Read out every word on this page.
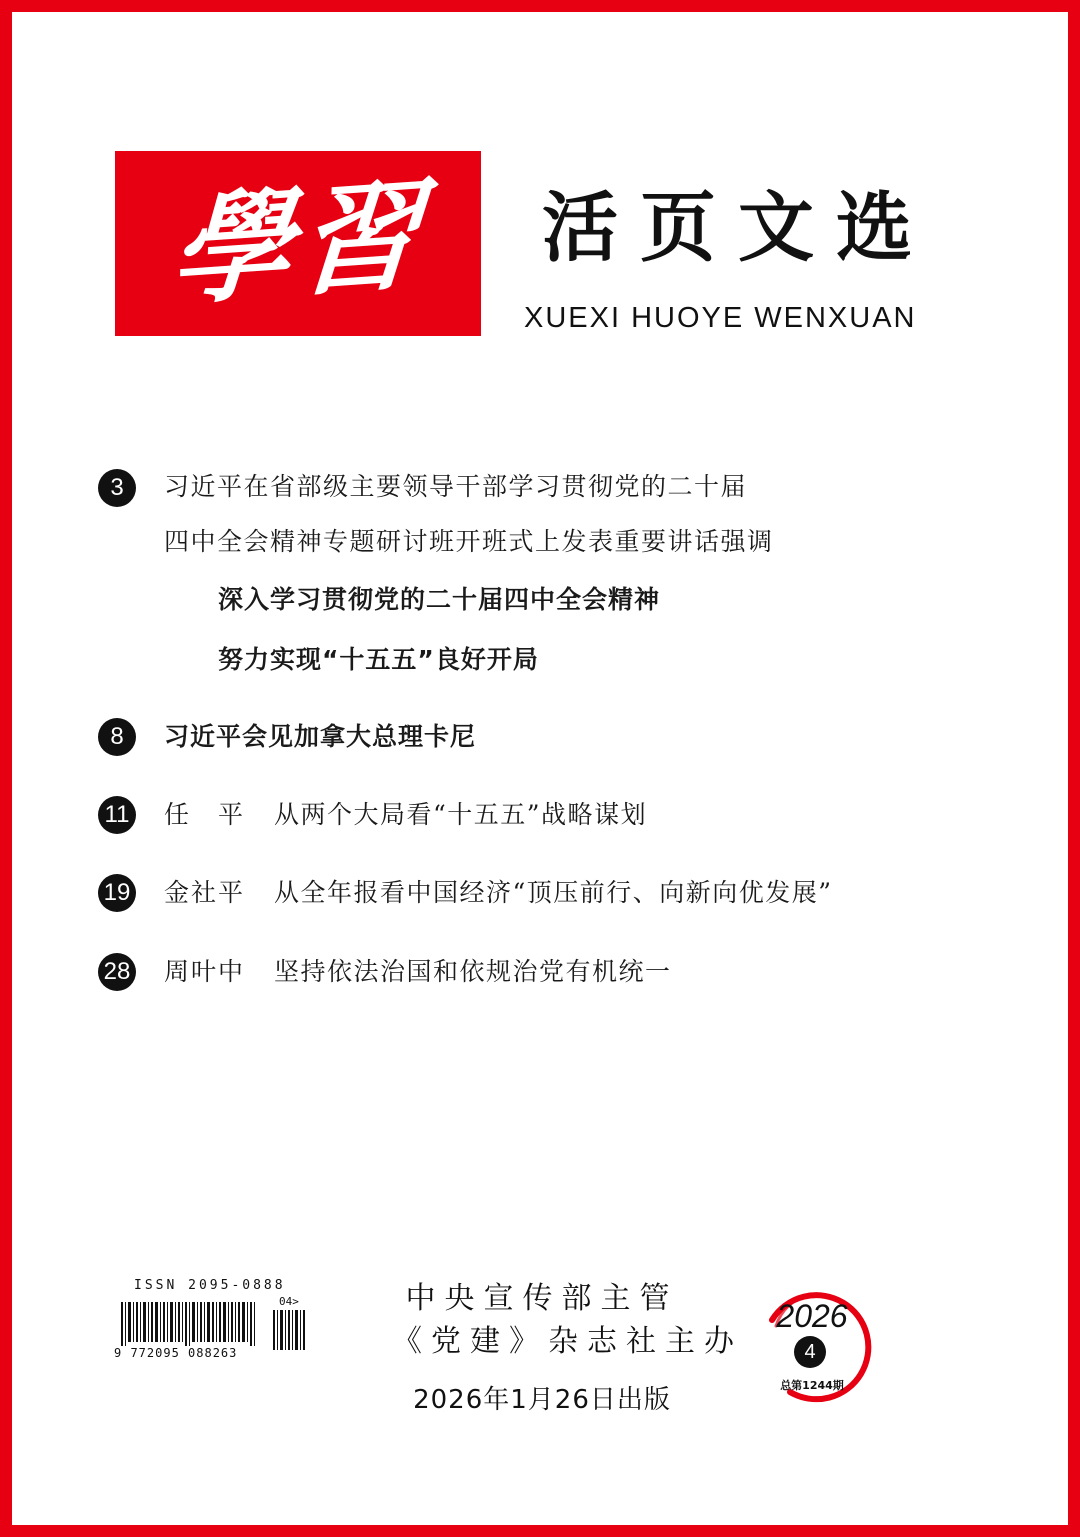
學習 活页文选
XUEXI HUOYE WENXUAN
3	习近平在省部级主要领导干部学习贯彻党的二十届
四中全会精神专题研讨班开班式上发表重要讲话强调
深入学习贯彻党的二十届四中全会精神
努力实现“十五五”良好开局
8	习近平会见加拿大总理卡尼
11 任　平 从两个大局看“十五五”战略谋划
19 金社平 从全年报看中国经济“顶压前行、向新向优发展”
28 周叶中 坚持依法治国和依规治党有机统一
ISSN 2095-0888
04>
9 772095 088263
中央宣传部主管
《党建》杂志社主办
2026年1月26日出版
2026
4
总第1244期
